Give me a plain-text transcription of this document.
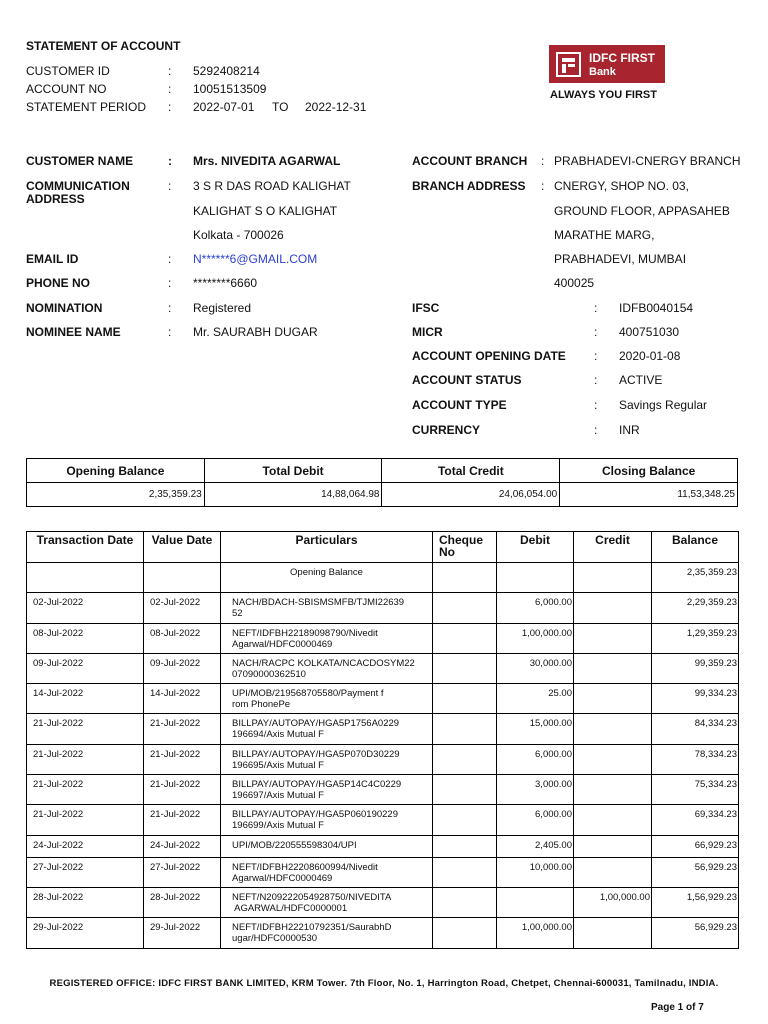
STATEMENT OF ACCOUNT
CUSTOMER ID	: 5292408214
ACCOUNT NO	: 10051513509
STATEMENT PERIOD : 2022-07-01 TO 2022-12-31
IDFC FIRST
Bank
ALWAYS YOU FIRST
CUSTOMER NAME	: Mrs. NIVEDITA AGARWAL
COMMUNICATION
ADDRESS
: 3 S R DAS ROAD KALIGHAT
KALIGHAT S O KALIGHAT
Kolkata - 700026
EMAIL ID	: N******6@GMAIL.COM
PHONE NO	: ********6660
NOMINATION	: Registered
NOMINEE NAME	: Mr. SAURABH DUGAR
ACCOUNT BRANCH : PRABHADEVI-CNERGY BRANCH
BRANCH ADDRESS : CNERGY, SHOP NO. 03,
GROUND FLOOR, APPASAHEB
MARATHE MARG,
PRABHADEVI, MUMBAI
400025
IFSC	: IDFB0040154
MICR	: 400751030
ACCOUNT OPENING DATE : 2020-01-08
ACCOUNT STATUS	: ACTIVE
ACCOUNT TYPE	: Savings Regular
CURRENCY	: INR
Opening Balance	Total Debit	Total Credit	Closing Balance
2,35,359.23	14,88,064.98	24,06,054.00	11,53,348.25
Transaction Date	Value Date	Particulars	Cheque No	Debit	Credit	Balance
		Opening Balance				2,35,359.23
02-Jul-2022	02-Jul-2022	NACH/BDACH-SBISMSMFB/TJMI22639
52		6,000.00		2,29,359.23
08-Jul-2022	08-Jul-2022	NEFT/IDFBH22189098790/Nivedit
Agarwal/HDFC0000469		1,00,000.00		1,29,359.23
09-Jul-2022	09-Jul-2022	NACH/RACPC KOLKATA/NCACDOSYM22
07090000362510		30,000.00		99,359.23
14-Jul-2022	14-Jul-2022	UPI/MOB/219568705580/Payment f
rom PhonePe		25.00		99,334.23
21-Jul-2022	21-Jul-2022	BILLPAY/AUTOPAY/HGA5P1756A0229
196694/Axis Mutual F		15,000.00		84,334.23
21-Jul-2022	21-Jul-2022	BILLPAY/AUTOPAY/HGA5P070D30229
196695/Axis Mutual F		6,000.00		78,334.23
21-Jul-2022	21-Jul-2022	BILLPAY/AUTOPAY/HGA5P14C4C0229
196697/Axis Mutual F		3,000.00		75,334.23
21-Jul-2022	21-Jul-2022	BILLPAY/AUTOPAY/HGA5P060190229
196699/Axis Mutual F		6,000.00		69,334.23
24-Jul-2022	24-Jul-2022	UPI/MOB/220555598304/UPI		2,405.00		66,929.23
27-Jul-2022	27-Jul-2022	NEFT/IDFBH22208600994/Nivedit
Agarwal/HDFC0000469		10,000.00		56,929.23
28-Jul-2022	28-Jul-2022	NEFT/N209222054928750/NIVEDITA
AGARWAL/HDFC0000001			1,00,000.00	1,56,929.23
29-Jul-2022	29-Jul-2022	NEFT/IDFBH22210792351/SaurabhD
ugar/HDFC0000530		1,00,000.00		56,929.23
REGISTERED OFFICE: IDFC FIRST BANK LIMITED, KRM Tower. 7th Floor, No. 1, Harrington Road, Chetpet, Chennai-600031, Tamilnadu, INDIA.
Page 1 of 7
